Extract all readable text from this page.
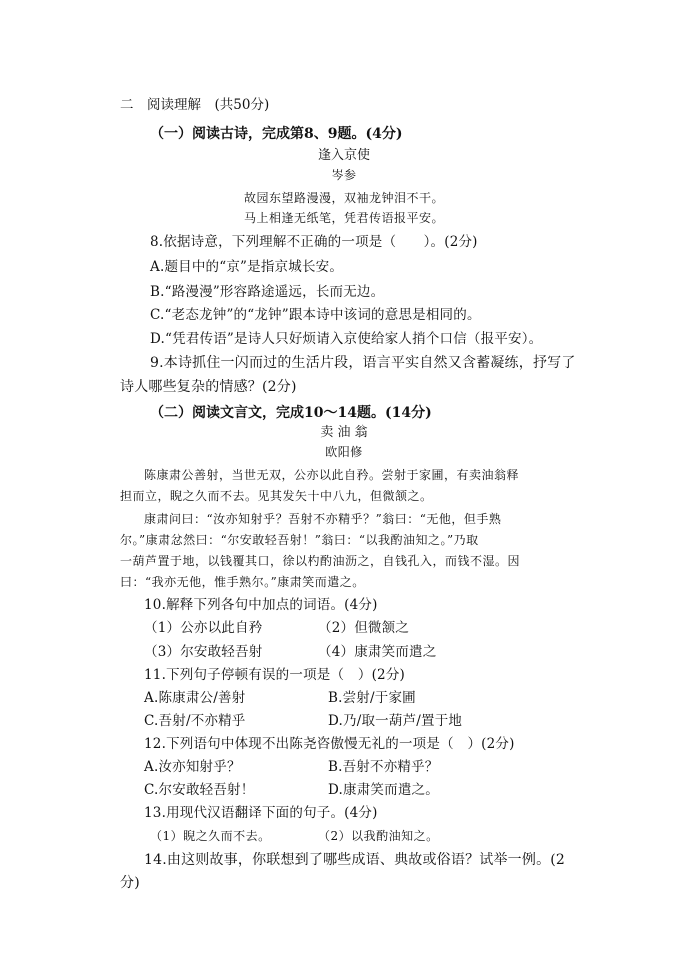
二　阅读理解　(共50分)
（一）阅读古诗，完成第8、9题。(4分)
逢入京使
岑参
故园东望路漫漫，双袖龙钟泪不干。
马上相逢无纸笔，凭君传语报平安。
8.依据诗意，下列理解不正确的一项是（　　）。(2分)
A.题目中的“京”是指京城长安。
B.“路漫漫”形容路途遥远，长而无边。
C.“老态龙钟”的“龙钟”跟本诗中该词的意思是相同的。
D.“凭君传语”是诗人只好烦请入京使给家人捎个口信（报平安）。
9.本诗抓住一闪而过的生活片段，语言平实自然又含蓄凝练，抒写了
诗人哪些复杂的情感？(2分)
（二）阅读文言文，完成10～14题。(14分)
卖 油 翁
欧阳修
陈康肃公善射，当世无双，公亦以此自矜。尝射于家圃，有卖油翁释
担而立，睨之久而不去。见其发矢十中八九，但微颔之。
康肃问曰：“汝亦知射乎？吾射不亦精乎？”翁曰：“无他，但手熟
尔。”康肃忿然曰：“尔安敢轻吾射！”翁曰：“以我酌油知之。”乃取
一葫芦置于地，以钱覆其口，徐以杓酌油沥之，自钱孔入，而钱不湿。因
曰：“我亦无他，惟手熟尔。”康肃笑而遣之。
10.解释下列各句中加点的词语。(4分)
（1）公亦以此自矜	（2）但微颔之
（3）尔安敢轻吾射	（4）康肃笑而遣之
11.下列句子停顿有误的一项是（　）(2分)
A.陈康肃公/善射	B.尝射/于家圃
C.吾射/不亦精乎	D.乃/取一葫芦/置于地
12.下列语句中体现不出陈尧咨傲慢无礼的一项是（　）(2分)
A.汝亦知射乎？	B.吾射不亦精乎？
C.尔安敢轻吾射！	D.康肃笑而遣之。
13.用现代汉语翻译下面的句子。(4分)
（1）睨之久而不去。	（2）以我酌油知之。
14.由这则故事，你联想到了哪些成语、典故或俗语？试举一例。(2
分)
